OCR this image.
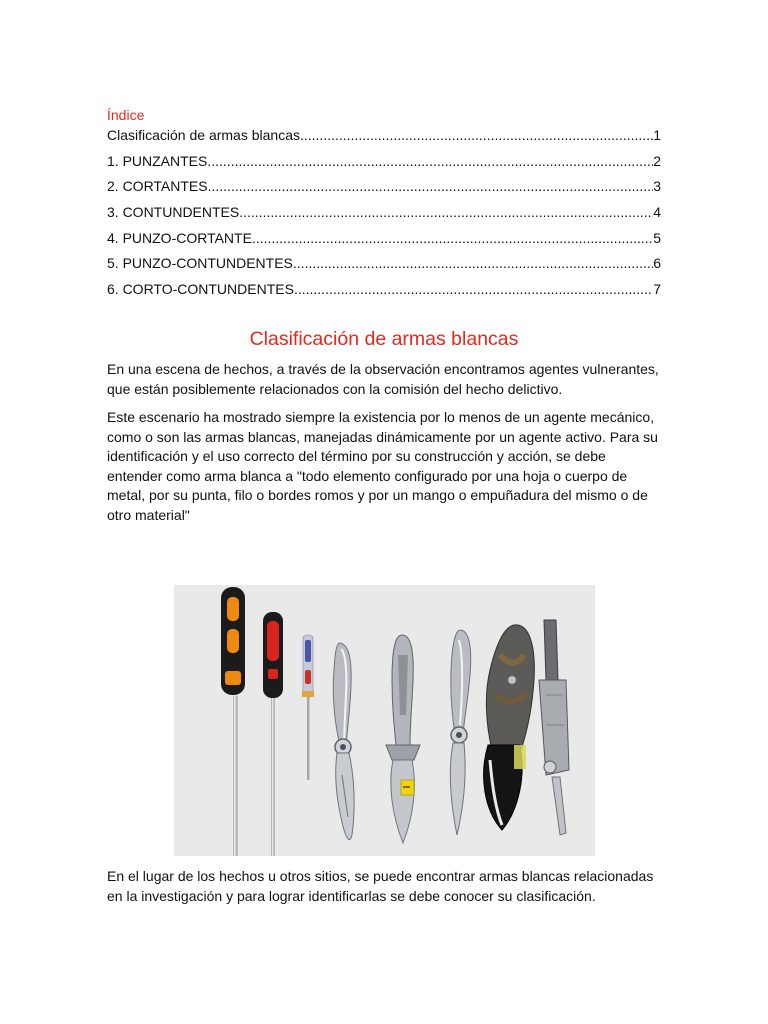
Índice
Clasificación de armas blancas .....	1
1. PUNZANTES .....	2
2. CORTANTES .....	3
3. CONTUNDENTES .....	4
4. PUNZO-CORTANTE .....	5
5. PUNZO-CONTUNDENTES .....	6
6. CORTO-CONTUNDENTES .....	7
Clasificación de armas blancas

En una escena de hechos, a través de la observación encontramos agentes vulnerantes, que están posiblemente relacionados con la comisión del hecho delictivo.

Este escenario ha mostrado siempre la existencia por lo menos de un agente mecánico, como o son las armas blancas, manejadas dinámicamente por un agente activo. Para su identificación y el uso correcto del término por su construcción y acción, se debe entender como arma blanca a "todo elemento configurado por una hoja o cuerpo de metal, por su punta, filo o bordes romos y por un mango o empuñadura del mismo o de otro material"

En el lugar de los hechos u otros sitios, se puede encontrar armas blancas relacionadas en la investigación y para lograr identificarlas se debe conocer su clasificación.
